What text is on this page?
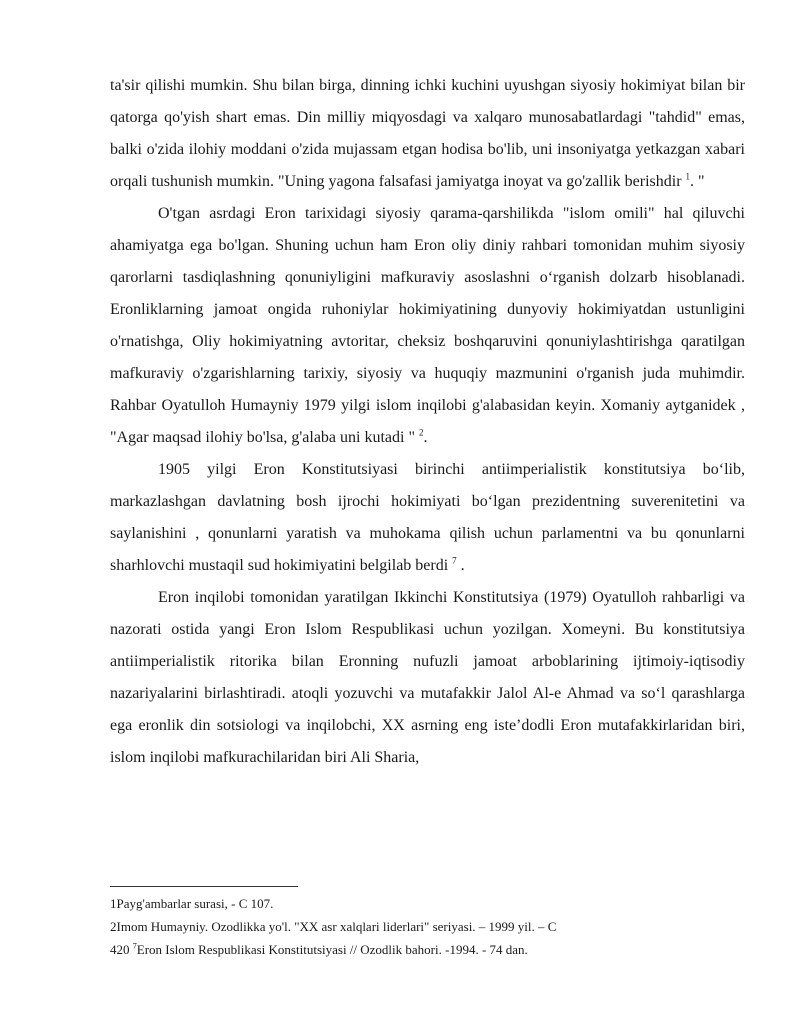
ta'sir qilishi mumkin. Shu bilan birga, dinning ichki kuchini uyushgan siyosiy hokimiyat bilan bir qatorga qo'yish shart emas. Din milliy miqyosdagi va xalqaro munosabatlardagi "tahdid" emas, balki o'zida ilohiy moddani o'zida mujassam etgan hodisa bo'lib, uni insoniyatga yetkazgan xabari orqali tushunish mumkin. "Uning yagona falsafasi jamiyatga inoyat va go'zallik berishdir $^1$. "

O'tgan asrdagi Eron tarixidagi siyosiy qarama-qarshilikda "islom omili" hal qiluvchi ahamiyatga ega bo'lgan. Shuning uchun ham Eron oliy diniy rahbari tomonidan muhim siyosiy qarorlarni tasdiqlashning qonuniyligini mafkuraviy asoslashni o‘rganish dolzarb hisoblanadi. Eronliklarning jamoat ongida ruhoniylar hokimiyatining dunyoviy hokimiyatdan ustunligini o'rnatishga, Oliy hokimiyatning avtoritar, cheksiz boshqaruvini qonuniylashtirishga qaratilgan mafkuraviy o'zgarishlarning tarixiy, siyosiy va huquqiy mazmunini o'rganish juda muhimdir. Rahbar Oyatulloh Humayniy 1979 yilgi islom inqilobi g'alabasidan keyin. Xomaniy aytganidek , "Agar maqsad ilohiy bo'lsa, g'alaba uni kutadi " $^2$.

1905 yilgi Eron Konstitutsiyasi birinchi antiimperialistik konstitutsiya bo‘lib, markazlashgan davlatning bosh ijrochi hokimiyati bo‘lgan prezidentning suverenitetini va saylanishini , qonunlarni yaratish va muhokama qilish uchun parlamentni va bu qonunlarni sharhlovchi mustaqil sud hokimiyatini belgilab berdi $^7$ .

Eron inqilobi tomonidan yaratilgan Ikkinchi Konstitutsiya (1979) Oyatulloh rahbarligi va nazorati ostida yangi Eron Islom Respublikasi uchun yozilgan. Xomeyni. Bu konstitutsiya antiimperialistik ritorika bilan Eronning nufuzli jamoat arboblarining ijtimoiy-iqtisodiy nazariyalarini birlashtiradi. atoqli yozuvchi va mutafakkir Jalol Al-e Ahmad va so‘l qarashlarga ega eronlik din sotsiologi va inqilobchi, XX asrning eng iste’dodli Eron mutafakkirlaridan biri, islom inqilobi mafkurachilaridan biri Ali Sharia,

1Payg'ambarlar surasi, - C 107.

2Imom Humayniy. Ozodlikka yo'l. "XX asr xalqlari liderlari" seriyasi. – 1999 yil. – C

420 $^7$Eron Islom Respublikasi Konstitutsiyasi // Ozodlik bahori. -1994. - 74 dan.
